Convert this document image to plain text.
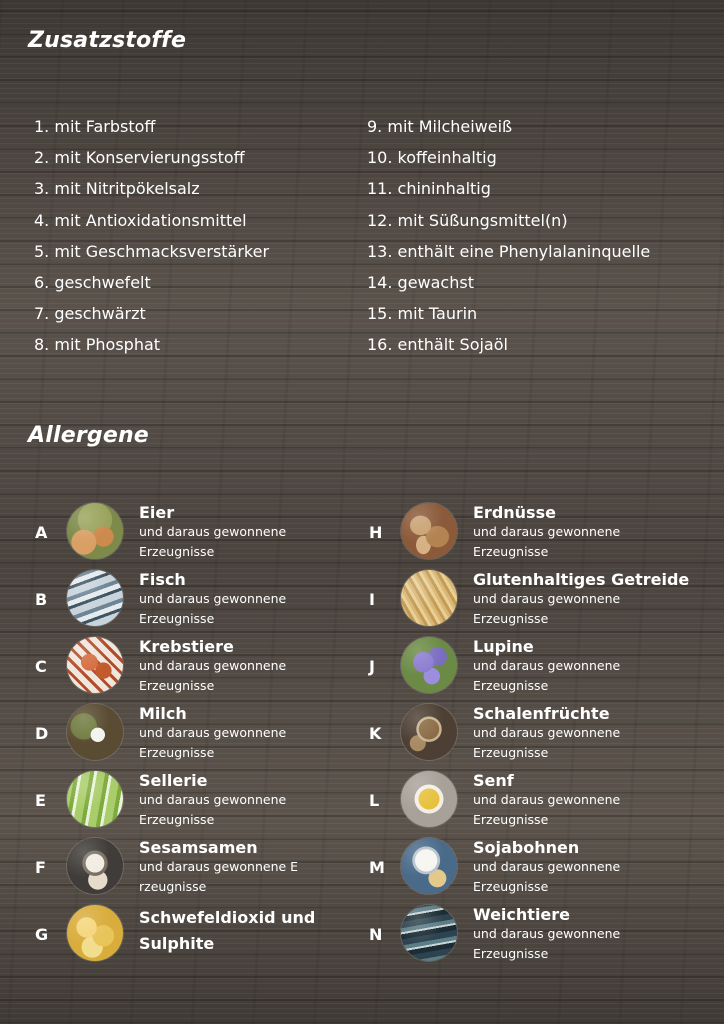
Zusatzstoffe
1. mit Farbstoff
2. mit Konservierungsstoff
3. mit Nitritpökelsalz
4. mit Antioxidationsmittel
5. mit Geschmacksverstärker
6. geschwefelt
7. geschwärzt
8. mit Phosphat
9. mit Milcheiweiß
10. koffeinhaltig
11. chininhaltig
12. mit Süßungsmittel(n)
13. enthält eine Phenylalaninquelle
14. gewachst
15. mit Taurin
16. enthält Sojaöl
Allergene
A
Eier
und daraus gewonnene Erzeugnisse
B
Fisch
und daraus gewonnene Erzeugnisse
C
Krebstiere
und daraus gewonnene Erzeugnisse
D
Milch
und daraus gewonnene Erzeugnisse
E
Sellerie
und daraus gewonnene Erzeugnisse
F
Sesamsamen
und daraus gewonnene E rzeugnisse
G
Schwefeldioxid und Sulphite
H
Erdnüsse
und daraus gewonnene Erzeugnisse
I
Glutenhaltiges Getreide
und daraus gewonnene Erzeugnisse
J
Lupine
und daraus gewonnene Erzeugnisse
K
Schalenfrüchte
und daraus gewonnene Erzeugnisse
L
Senf
und daraus gewonnene Erzeugnisse
M
Sojabohnen
und daraus gewonnene Erzeugnisse
N
Weichtiere
und daraus gewonnene Erzeugnisse
